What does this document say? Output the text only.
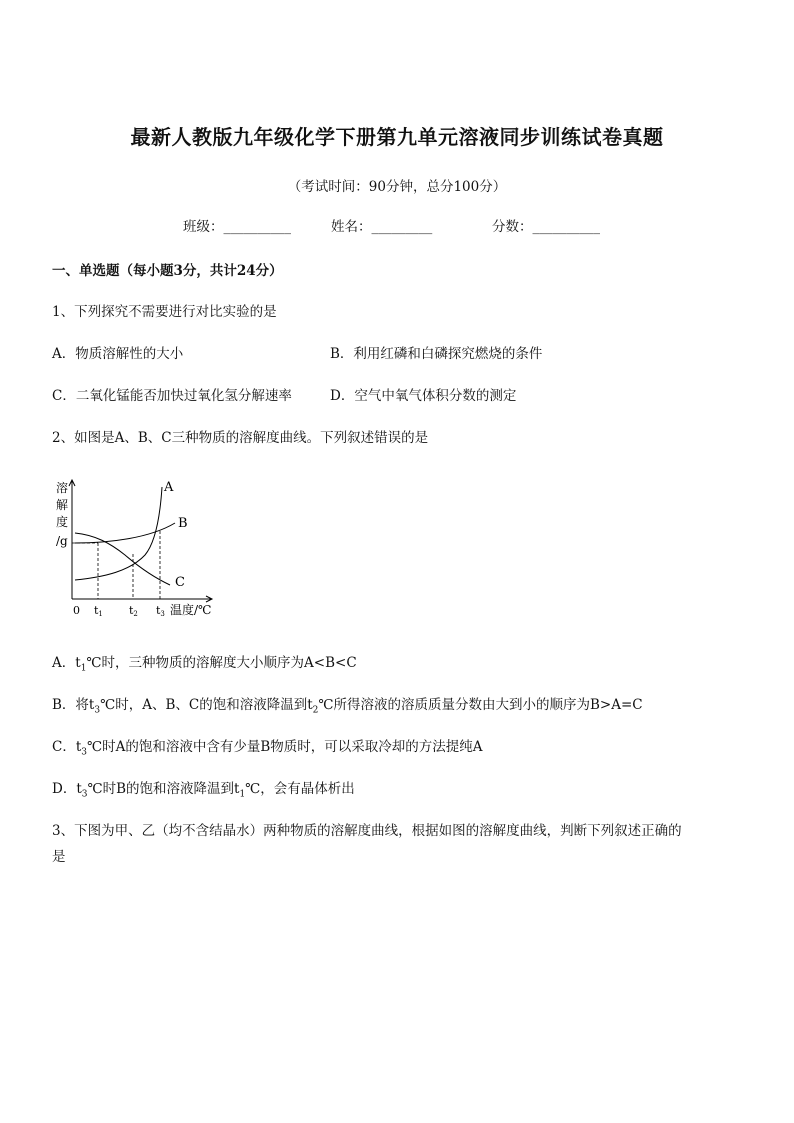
最新人教版九年级化学下册第九单元溶液同步训练试卷真题
（考试时间：90分钟，总分100分）
班级：__________	姓名：_________	分数：__________
一、单选题（每小题3分，共计24分）
1、下列探究不需要进行对比实验的是
A．物质溶解性的大小	B．利用红磷和白磷探究燃烧的条件
C．二氧化锰能否加快过氧化氢分解速率	D．空气中氧气体积分数的测定
2、如图是A、B、C三种物质的溶解度曲线。下列叙述错误的是
溶
解
度
/g
0 t1 t2 t3 温度/℃
A
B
C
A．$t_1℃$时，三种物质的溶解度大小顺序为A<B<C
B．将$t_3℃$时，A、B、C的饱和溶液降温到$t_2℃$所得溶液的溶质质量分数由大到小的顺序为B>A=C
C．$t_3℃$时A的饱和溶液中含有少量B物质时，可以采取冷却的方法提纯A
D．$t_3℃$时B的饱和溶液降温到$t_1℃$，会有晶体析出
3、下图为甲、乙（均不含结晶水）两种物质的溶解度曲线，根据如图的溶解度曲线，判断下列叙述正确的
是
